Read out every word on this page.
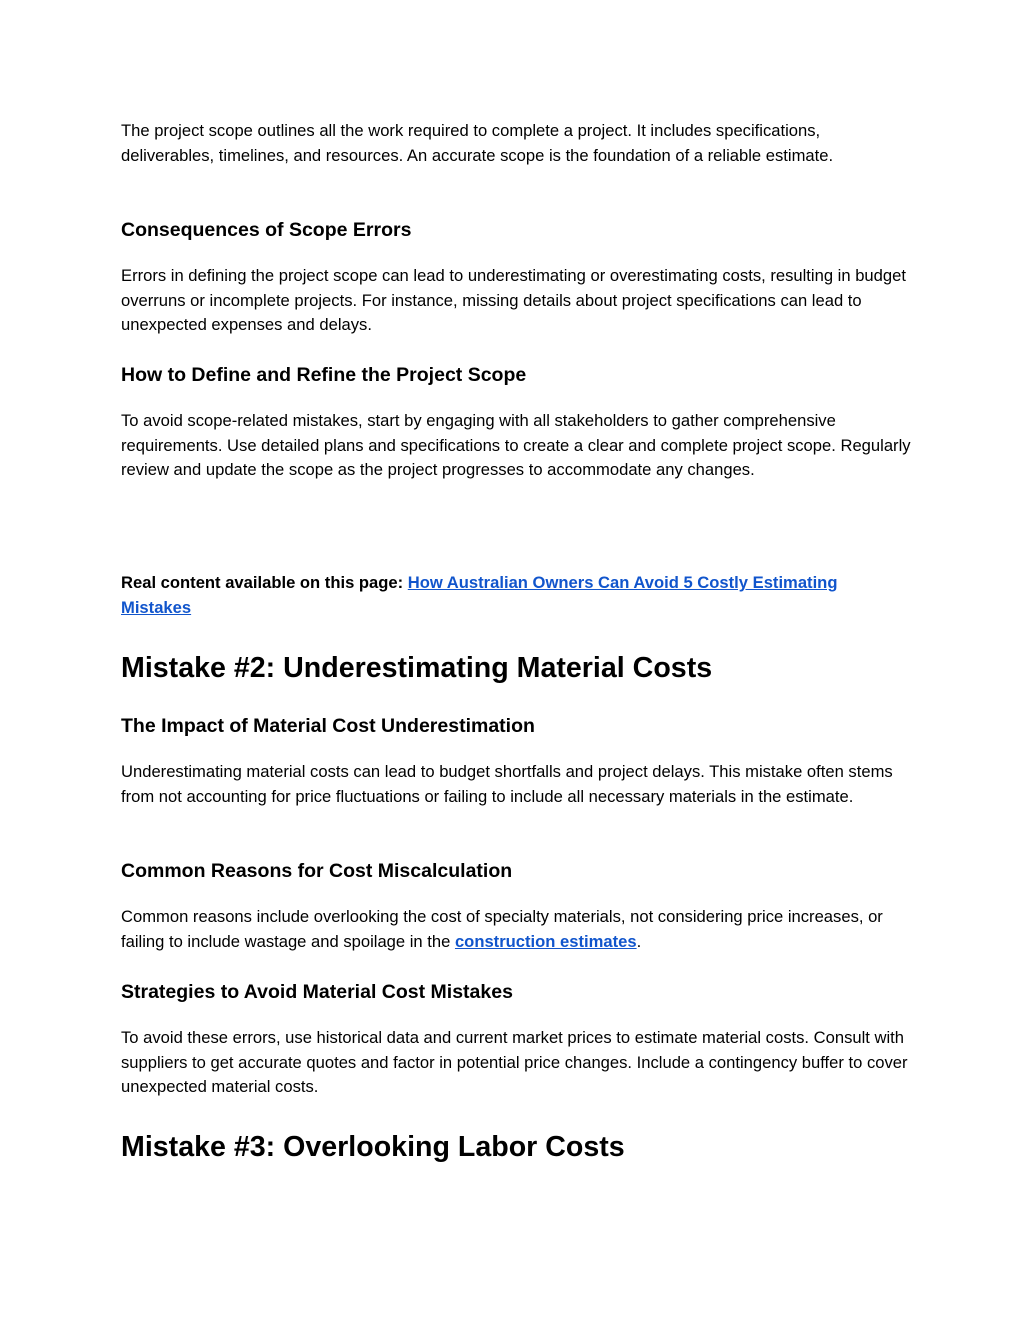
The project scope outlines all the work required to complete a project. It includes specifications, deliverables, timelines, and resources. An accurate scope is the foundation of a reliable estimate.

Consequences of Scope Errors

Errors in defining the project scope can lead to underestimating or overestimating costs, resulting in budget overruns or incomplete projects. For instance, missing details about project specifications can lead to unexpected expenses and delays.

How to Define and Refine the Project Scope

To avoid scope-related mistakes, start by engaging with all stakeholders to gather comprehensive requirements. Use detailed plans and specifications to create a clear and complete project scope. Regularly review and update the scope as the project progresses to accommodate any changes.

Real content available on this page: How Australian Owners Can Avoid 5 Costly Estimating Mistakes

Mistake #2: Underestimating Material Costs
The Impact of Material Cost Underestimation

Underestimating material costs can lead to budget shortfalls and project delays. This mistake often stems from not accounting for price fluctuations or failing to include all necessary materials in the estimate.

Common Reasons for Cost Miscalculation

Common reasons include overlooking the cost of specialty materials, not considering price increases, or failing to include wastage and spoilage in the construction estimates.

Strategies to Avoid Material Cost Mistakes

To avoid these errors, use historical data and current market prices to estimate material costs. Consult with suppliers to get accurate quotes and factor in potential price changes. Include a contingency buffer to cover unexpected material costs.

Mistake #3: Overlooking Labor Costs
